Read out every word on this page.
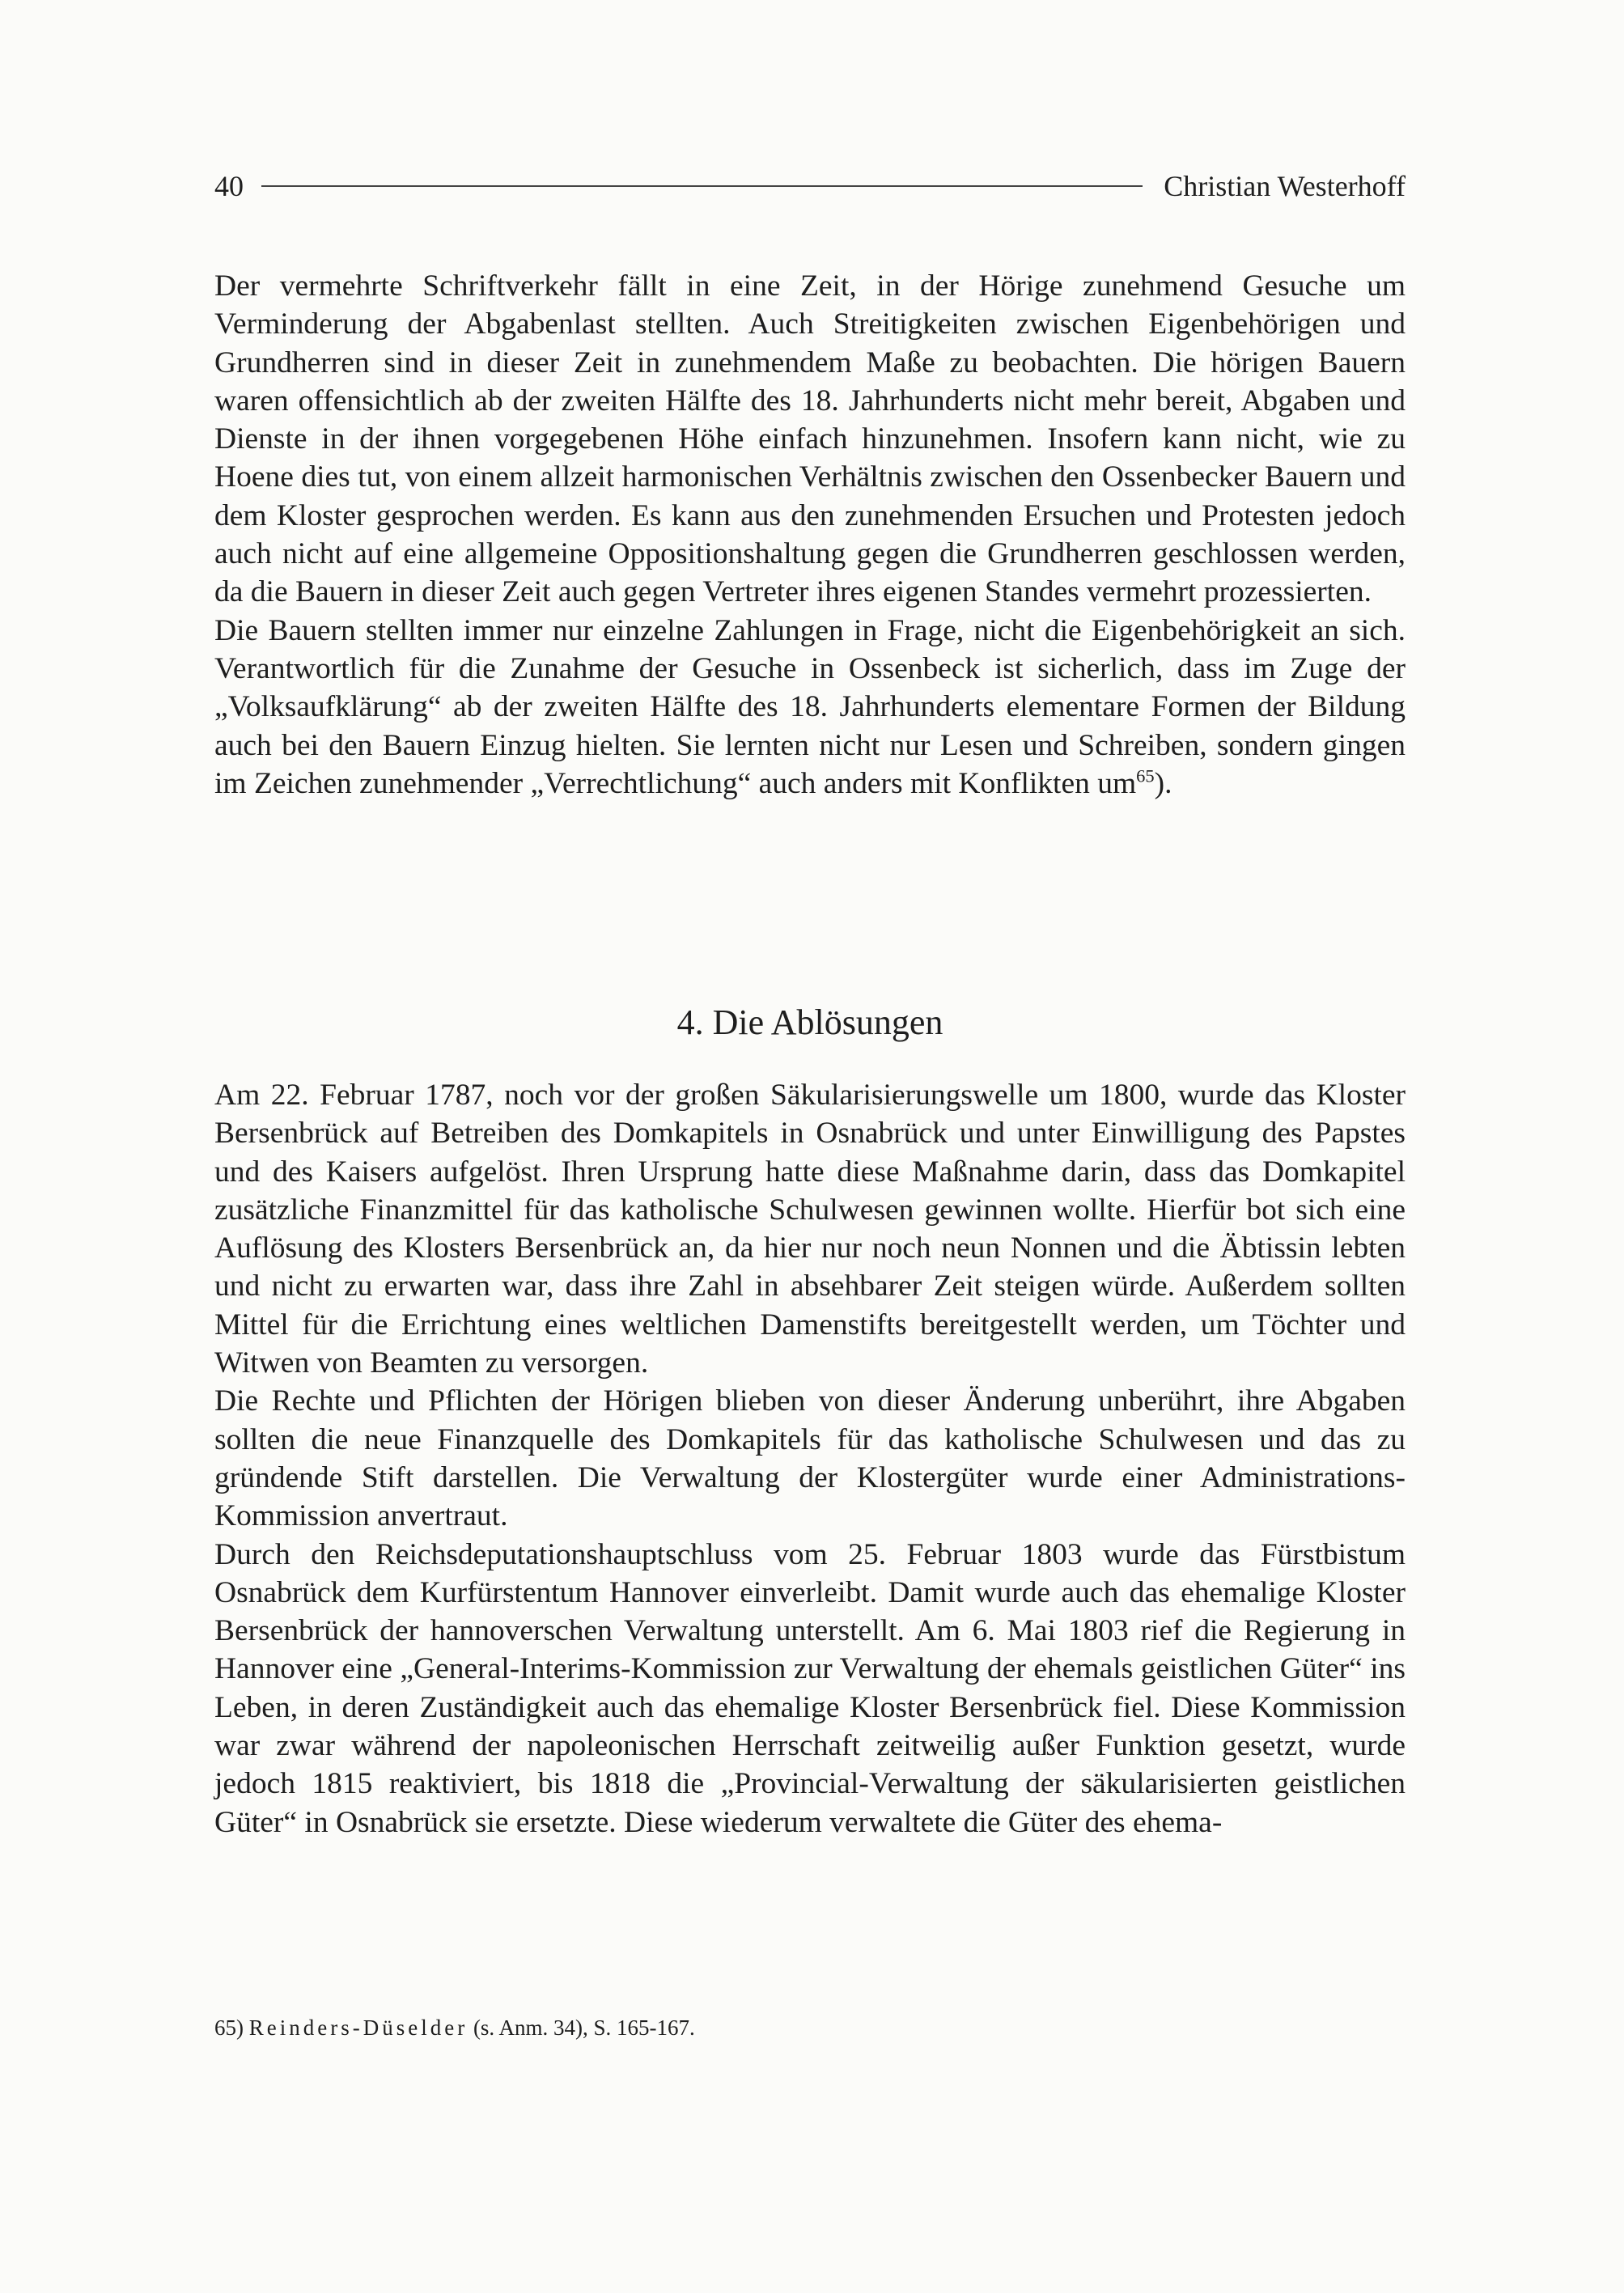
40	Christian Westerhoff

Der vermehrte Schriftverkehr fällt in eine Zeit, in der Hörige zunehmend Gesuche um Verminderung der Abgabenlast stellten. Auch Streitigkeiten zwischen Eigenbehörigen und Grundherren sind in dieser Zeit in zunehmendem Maße zu beobachten. Die hörigen Bauern waren offensichtlich ab der zweiten Hälfte des 18. Jahrhunderts nicht mehr bereit, Abgaben und Dienste in der ihnen vorgegebenen Höhe einfach hinzunehmen. Insofern kann nicht, wie zu Hoene dies tut, von einem allzeit harmonischen Verhältnis zwischen den Ossenbecker Bauern und dem Kloster gesprochen werden. Es kann aus den zunehmenden Ersuchen und Protesten jedoch auch nicht auf eine allgemeine Oppositionshaltung gegen die Grundherren geschlossen werden, da die Bauern in dieser Zeit auch gegen Vertreter ihres eigenen Standes vermehrt prozessierten.

Die Bauern stellten immer nur einzelne Zahlungen in Frage, nicht die Eigenbehörigkeit an sich. Verantwortlich für die Zunahme der Gesuche in Ossenbeck ist sicherlich, dass im Zuge der „Volksaufklärung“ ab der zweiten Hälfte des 18. Jahrhunderts elementare Formen der Bildung auch bei den Bauern Einzug hielten. Sie lernten nicht nur Lesen und Schreiben, sondern gingen im Zeichen zunehmender „Verrechtlichung“ auch anders mit Konflikten $um^{65}$).

4. Die Ablösungen

Am 22. Februar 1787, noch vor der großen Säkularisierungswelle um 1800, wurde das Kloster Bersenbrück auf Betreiben des Domkapitels in Osnabrück und unter Einwilligung des Papstes und des Kaisers aufgelöst. Ihren Ursprung hatte diese Maßnahme darin, dass das Domkapitel zusätzliche Finanzmittel für das katholische Schulwesen gewinnen wollte. Hierfür bot sich eine Auflösung des Klosters Bersenbrück an, da hier nur noch neun Nonnen und die Äbtissin lebten und nicht zu erwarten war, dass ihre Zahl in absehbarer Zeit steigen würde. Außerdem sollten Mittel für die Errichtung eines weltlichen Damenstifts bereitgestellt werden, um Töchter und Witwen von Beamten zu versorgen.

Die Rechte und Pflichten der Hörigen blieben von dieser Änderung unberührt, ihre Abgaben sollten die neue Finanzquelle des Domkapitels für das katholische Schulwesen und das zu gründende Stift darstellen. Die Verwaltung der Klostergüter wurde einer Administrations-Kommission anvertraut.

Durch den Reichsdeputationshauptschluss vom 25. Februar 1803 wurde das Fürstbistum Osnabrück dem Kurfürstentum Hannover einverleibt. Damit wurde auch das ehemalige Kloster Bersenbrück der hannoverschen Verwaltung unterstellt. Am 6. Mai 1803 rief die Regierung in Hannover eine „General-Interims-Kommission zur Verwaltung der ehemals geistlichen Güter“ ins Leben, in deren Zuständigkeit auch das ehemalige Kloster Bersenbrück fiel. Diese Kommission war zwar während der napoleonischen Herrschaft zeitweilig außer Funktion gesetzt, wurde jedoch 1815 reaktiviert, bis 1818 die „Provincial-Verwaltung der säkularisierten geistlichen Güter“ in Osnabrück sie ersetzte. Diese wiederum verwaltete die Güter des ehema-

65) Reinders-Düselder (s. Anm. 34), S. 165-167.
